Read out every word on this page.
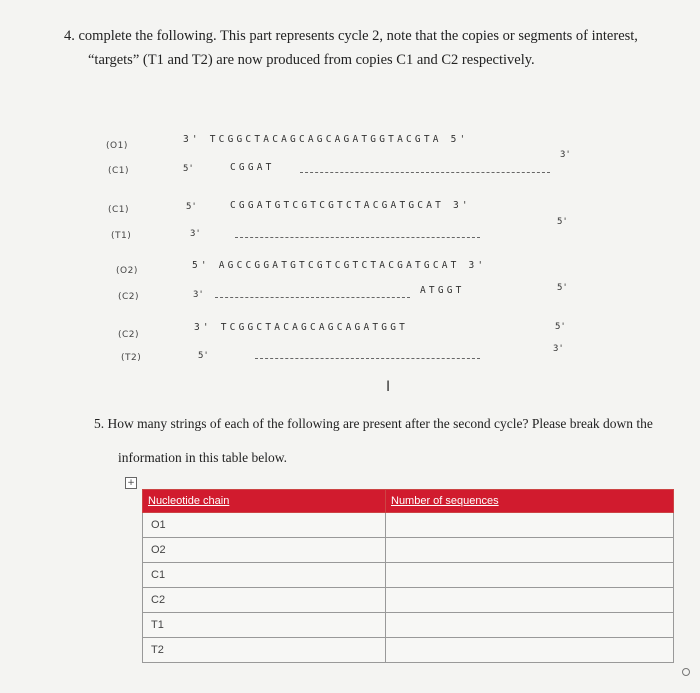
4. complete the following. This part represents cycle 2, note that the copies or segments of interest,
“targets” (T1 and T2) are now produced from copies C1 and C2 respectively.
(O1)
(C1)
3' TCGGCTACAGCAGCAGATGGTACGTA 5'
5'	CGGAT
3'
(C1)
(T1)
5'	CGGATGTCGTCGTCTACGATGCAT 3'
3'
5'
(O2)
(C2)
5' AGCCGGATGTCGTCGTCTACGATGCAT 3'
3'	ATGGT	5'
(C2)
(T2)
3' TCGGCTACAGCAGCAGATGGT	5'
5'
3'
I
5. How many strings of each of the following are present after the second cycle? Please break down the
information in this table below.
+
Nucleotide chain	Number of sequences
O1	
O2	
C1	
C2	
T1	
T2	
